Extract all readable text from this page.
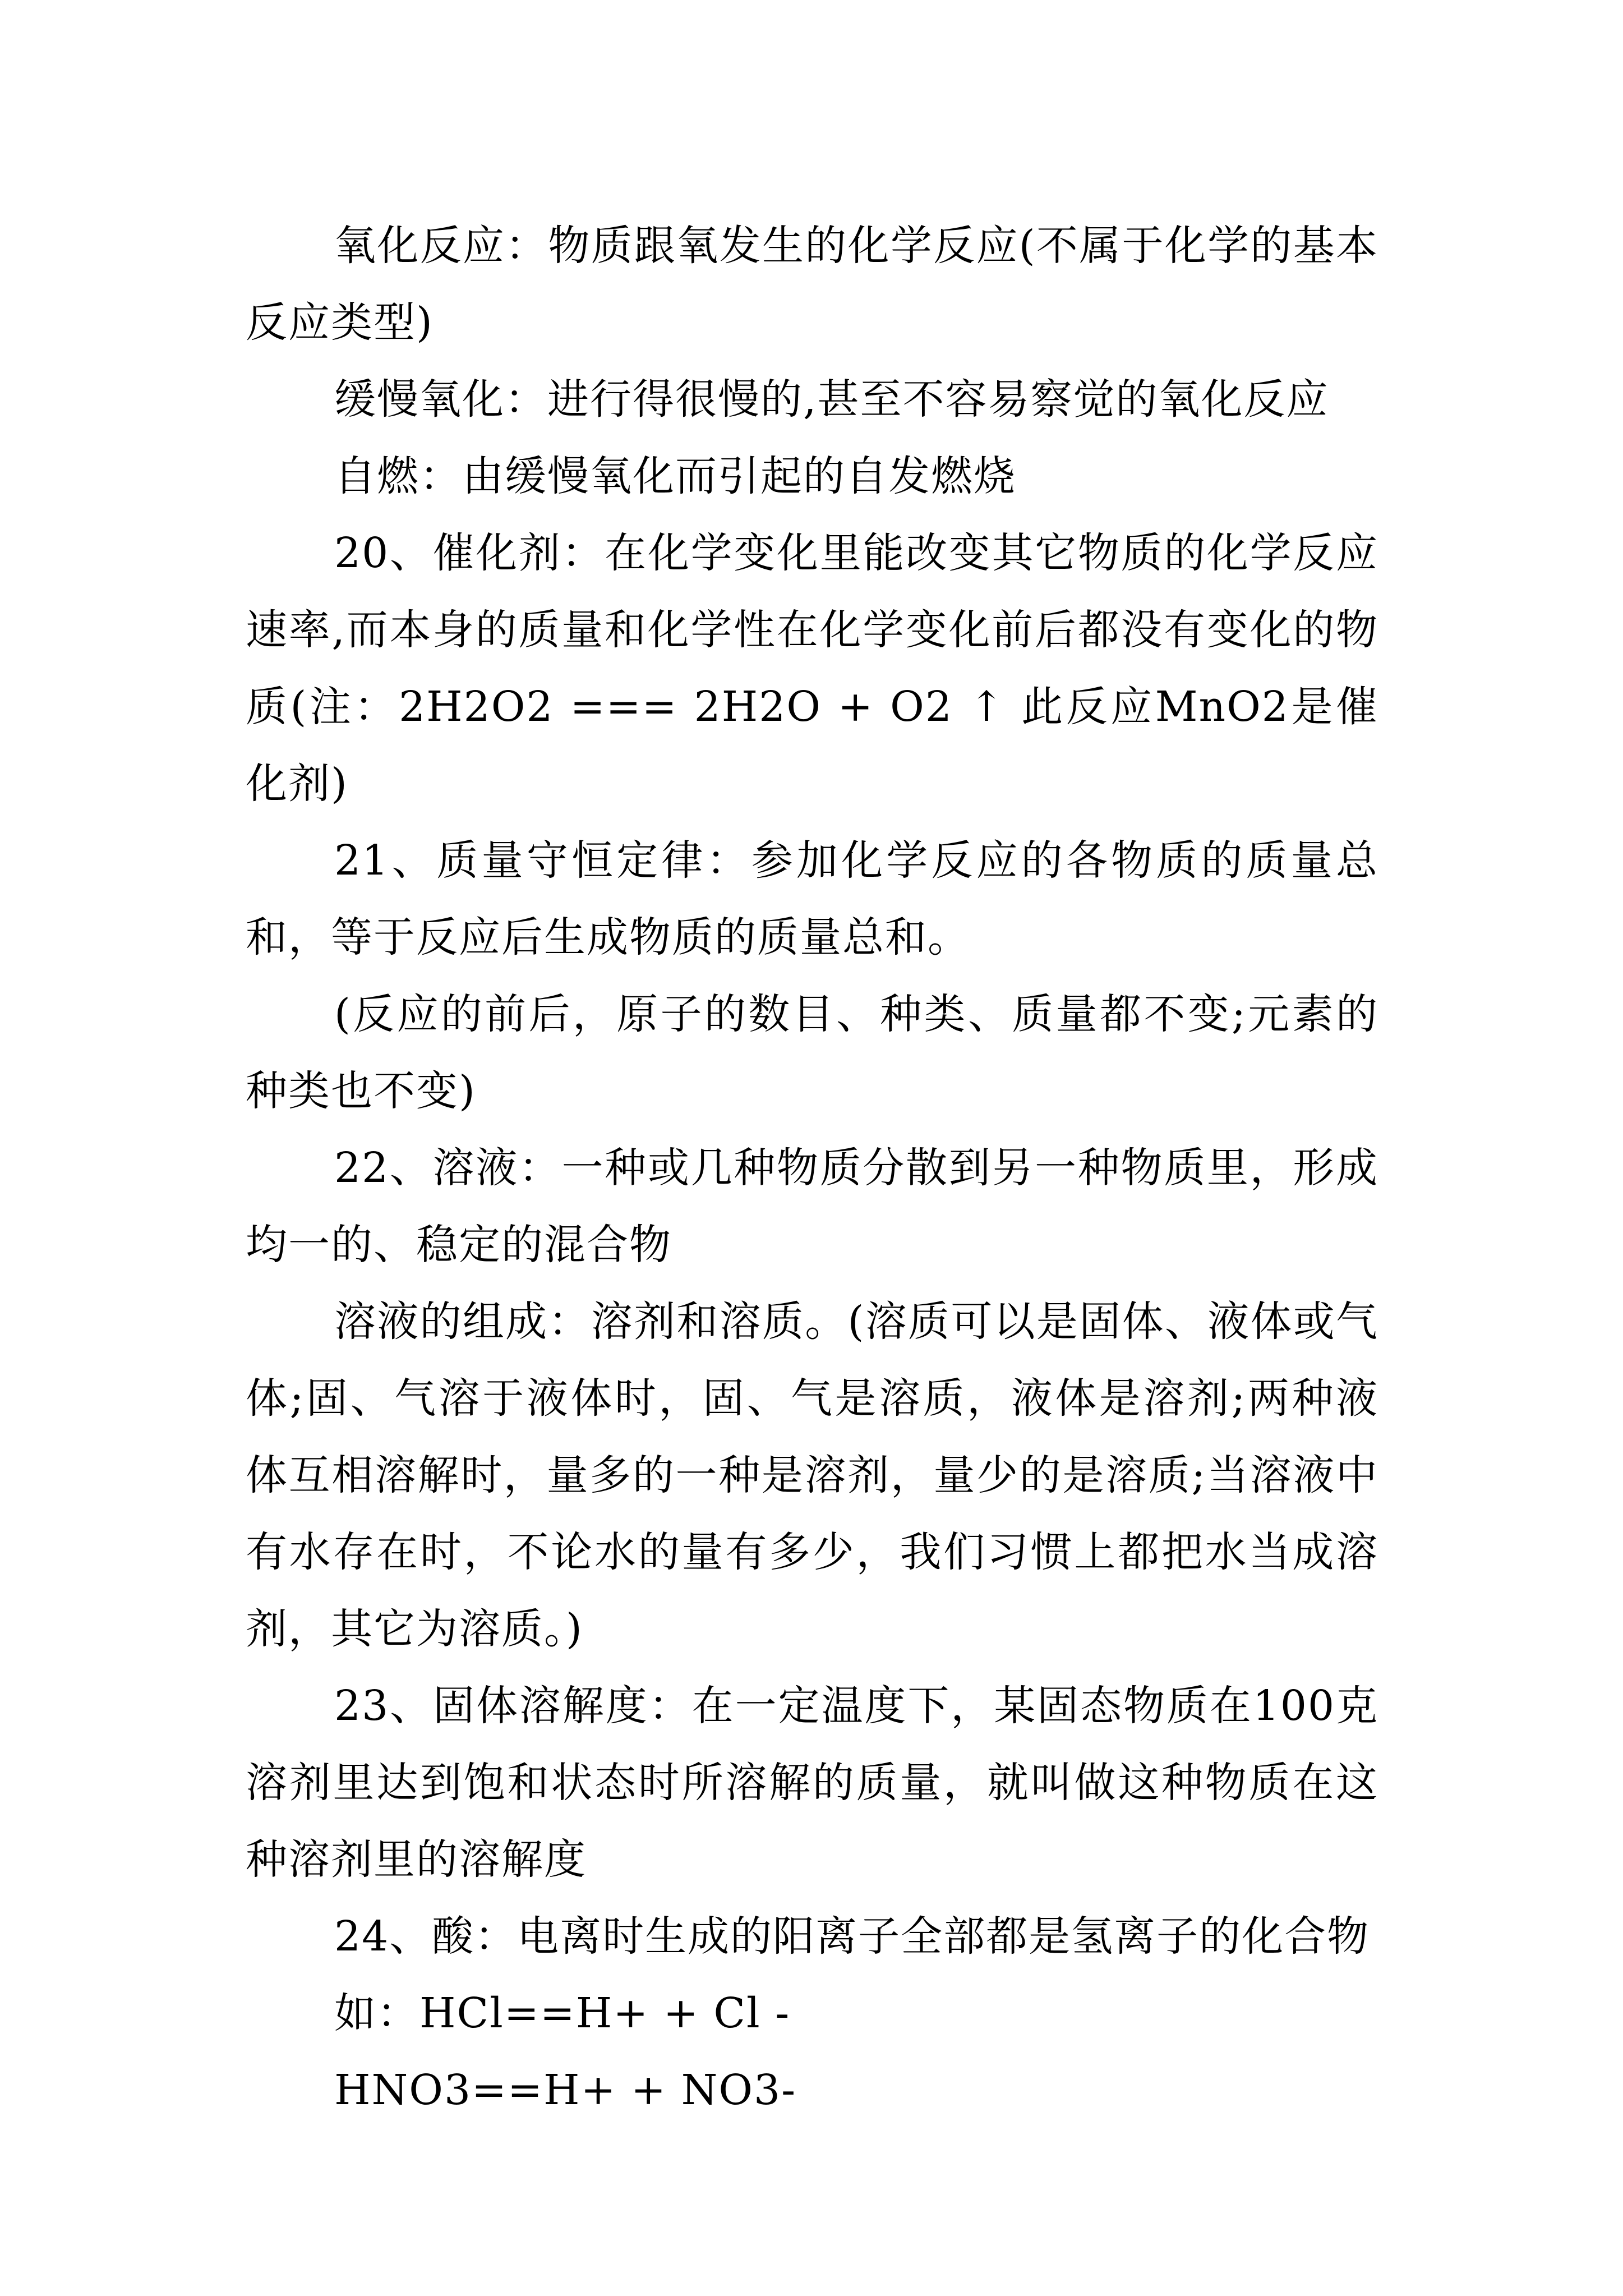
氧化反应：物质跟氧发生的化学反应(不属于化学的基本反应类型)

缓慢氧化：进行得很慢的,甚至不容易察觉的氧化反应

自燃：由缓慢氧化而引起的自发燃烧

20、催化剂：在化学变化里能改变其它物质的化学反应速率,而本身的质量和化学性在化学变化前后都没有变化的物质(注：2H2O2 === 2H2O + O2 ↑ 此反应MnO2是催化剂)

21、质量守恒定律：参加化学反应的各物质的质量总和，等于反应后生成物质的质量总和。

(反应的前后，原子的数目、种类、质量都不变;元素的种类也不变)

22、溶液：一种或几种物质分散到另一种物质里，形成均一的、稳定的混合物

溶液的组成：溶剂和溶质。(溶质可以是固体、液体或气体;固、气溶于液体时，固、气是溶质，液体是溶剂;两种液体互相溶解时，量多的一种是溶剂，量少的是溶质;当溶液中有水存在时，不论水的量有多少，我们习惯上都把水当成溶剂，其它为溶质。)

23、固体溶解度：在一定温度下，某固态物质在100克溶剂里达到饱和状态时所溶解的质量，就叫做这种物质在这种溶剂里的溶解度

24、酸：电离时生成的阳离子全部都是氢离子的化合物

如：HCl==H+ + Cl -

HNO3==H+ + NO3-
